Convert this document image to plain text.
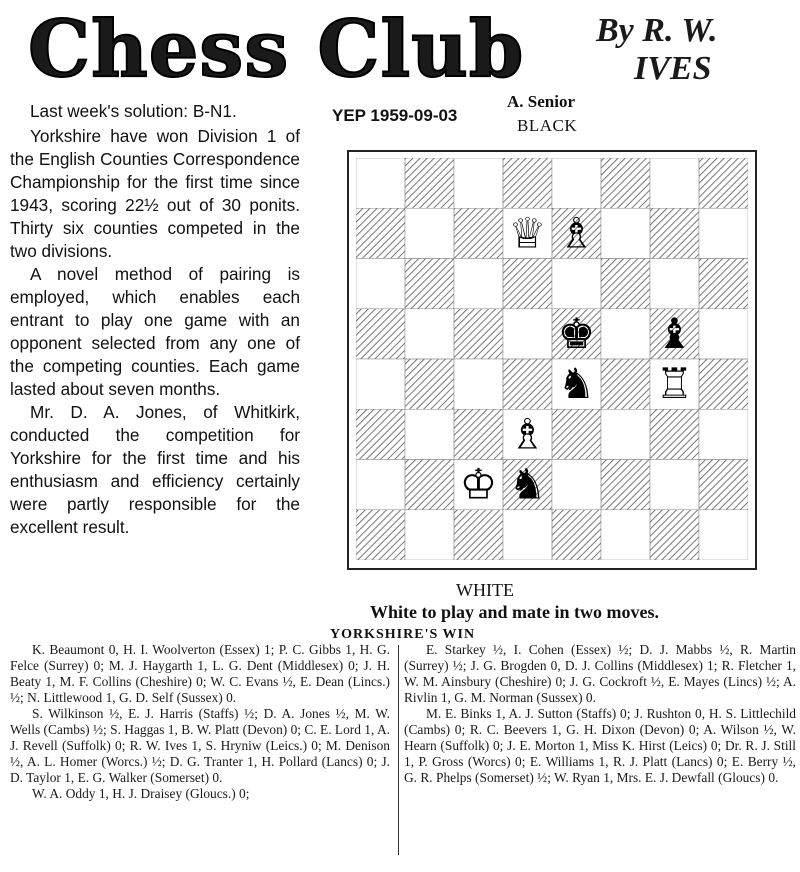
Chess Club By R. W.
IVES

Last week's solution: B-N1.

Yorkshire have won Division 1 of the English Counties Correspondence Championship for the first time since 1943, scoring 22½ out of 30 ponits. Thirty six counties competed in the two divisions.

A novel method of pairing is employed, which enables each entrant to play one game with an opponent selected from any one of the competing counties. Each game lasted about seven months.

Mr. D. A. Jones, of Whitkirk, conducted the competition for Yorkshire for the first time and his enthusiasm and efficiency certainly were partly responsible for the excellent result.

YEP 1959-09-03
A. Senior
BLACK
♕ ♗
♚ ♝
♞ ♖
♗
♔ ♞
WHITE
White to play and mate in two moves.
YORKSHIRE'S WIN

K. Beaumont 0, H. I. Woolverton (Essex) 1; P. C. Gibbs 1, H. G. Felce (Surrey) 0; M. J. Haygarth 1, L. G. Dent (Middlesex) 0; J. H. Beaty 1, M. F. Collins (Cheshire) 0; W. C. Evans ½, E. Dean (Lincs.) ½; N. Littlewood 1, G. D. Self (Sussex) 0.

S. Wilkinson ½, E. J. Harris (Staffs) ½; D. A. Jones ½, M. W. Wells (Cambs) ½; S. Haggas 1, B. W. Platt (Devon) 0; C. E. Lord 1, A. J. Revell (Suffolk) 0; R. W. Ives 1, S. Hryniw (Leics.) 0; M. Denison ½, A. L. Homer (Worcs.) ½; D. G. Tranter 1, H. Pollard (Lancs) 0; J. D. Taylor 1, E. G. Walker (Somerset) 0.

W. A. Oddy 1, H. J. Draisey (Gloucs.) 0;

E. Starkey ½, I. Cohen (Essex) ½; D. J. Mabbs ½, R. Martin (Surrey) ½; J. G. Brogden 0, D. J. Collins (Middlesex) 1; R. Fletcher 1, W. M. Ainsbury (Cheshire) 0; J. G. Cockroft ½, E. Mayes (Lincs) ½; A. Rivlin 1, G. M. Norman (Sussex) 0.

M. E. Binks 1, A. J. Sutton (Staffs) 0; J. Rushton 0, H. S. Littlechild (Cambs) 0; R. C. Beevers 1, G. H. Dixon (Devon) 0; A. Wilson ½, W. Hearn (Suffolk) 0; J. E. Morton 1, Miss K. Hirst (Leics) 0; Dr. R. J. Still 1, P. Gross (Worcs) 0; E. Williams 1, R. J. Platt (Lancs) 0; E. Berry ½, G. R. Phelps (Somerset) ½; W. Ryan 1, Mrs. E. J. Dewfall (Gloucs) 0.
